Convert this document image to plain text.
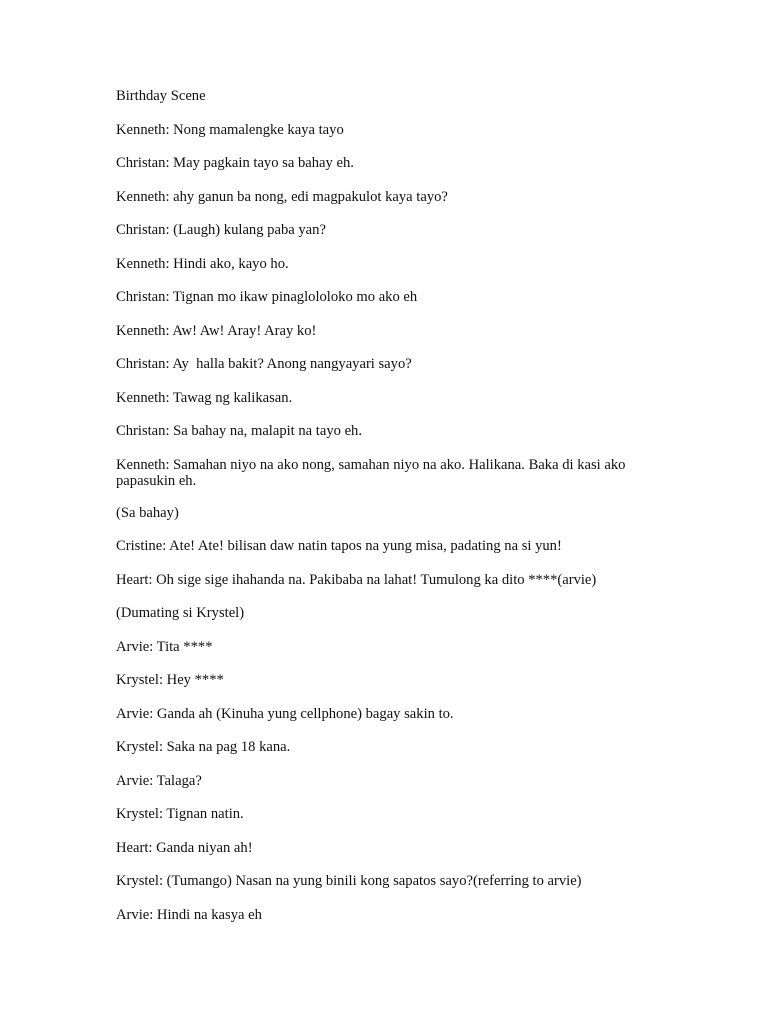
Birthday Scene

Kenneth: Nong mamalengke kaya tayo

Christan: May pagkain tayo sa bahay eh.

Kenneth: ahy ganun ba nong, edi magpakulot kaya tayo?

Christan: (Laugh) kulang paba yan?

Kenneth: Hindi ako, kayo ho.

Christan: Tignan mo ikaw pinaglololoko mo ako eh

Kenneth: Aw! Aw! Aray! Aray ko!

Christan: Ay  halla bakit? Anong nangyayari sayo?

Kenneth: Tawag ng kalikasan.

Christan: Sa bahay na, malapit na tayo eh.

Kenneth: Samahan niyo na ako nong, samahan niyo na ako. Halikana. Baka di kasi ako papasukin eh.

(Sa bahay)

Cristine: Ate! Ate! bilisan daw natin tapos na yung misa, padating na si yun!

Heart: Oh sige sige ihahanda na. Pakibaba na lahat! Tumulong ka dito ****(arvie)

(Dumating si Krystel)

Arvie: Tita ****

Krystel: Hey ****

Arvie: Ganda ah (Kinuha yung cellphone) bagay sakin to.

Krystel: Saka na pag 18 kana.

Arvie: Talaga?

Krystel: Tignan natin.

Heart: Ganda niyan ah!

Krystel: (Tumango) Nasan na yung binili kong sapatos sayo?(referring to arvie)

Arvie: Hindi na kasya eh
